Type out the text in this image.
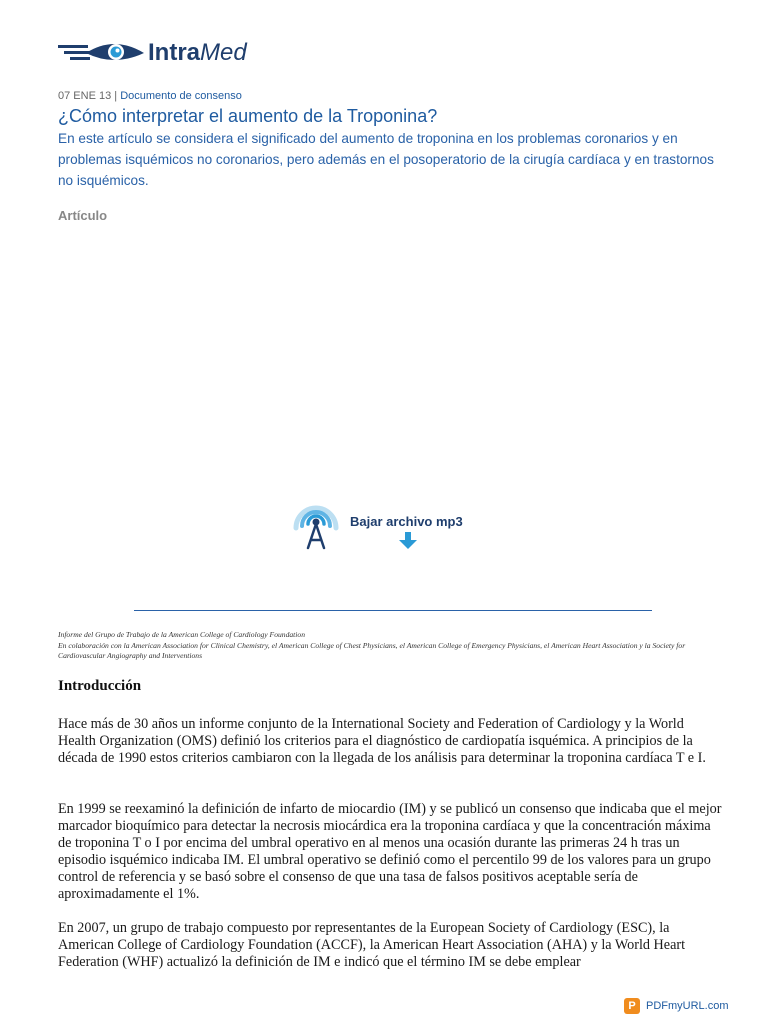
IntraMed
07 ENE 13 | Documento de consenso
¿Cómo interpretar el aumento de la Troponina?

En este artículo se considera el significado del aumento de troponina en los problemas coronarios y en problemas isquémicos no coronarios, pero además en el posoperatorio de la cirugía cardíaca y en trastornos no isquémicos.

Artículo
Bajar archivo mp3

Informe del Grupo de Trabajo de la American College of Cardiology Foundation
En colaboración con la American Association for Clinical Chemistry, el American College of Chest Physicians, el American College of Emergency Physicians, el American Heart Association y la Society for Cardiovascular Angiography and Interventions

Introducción

Hace más de 30 años un informe conjunto de la International Society and Federation of Cardiology y la World Health Organization (OMS) definió los criterios para el diagnóstico de cardiopatía isquémica. A principios de la década de 1990 estos criterios cambiaron con la llegada de los análisis para determinar la troponina cardíaca T e I.

En 1999 se reexaminó la definición de infarto de miocardio (IM) y se publicó un consenso que indicaba que el mejor marcador bioquímico para detectar la necrosis miocárdica era la troponina cardíaca y que la concentración máxima de troponina T o I por encima del umbral operativo en al menos una ocasión durante las primeras 24 h tras un episodio isquémico indicaba IM. El umbral operativo se definió como el percentilo 99 de los valores para un grupo control de referencia y se basó sobre el consenso de que una tasa de falsos positivos aceptable sería de aproximadamente el 1%.

En 2007, un grupo de trabajo compuesto por representantes de la European Society of Cardiology (ESC), la American College of Cardiology Foundation (ACCF), la American Heart Association (AHA) y la World Heart Federation (WHF) actualizó la definición de IM e indicó que el término IM se debe emplear

P PDFmyURL.com
